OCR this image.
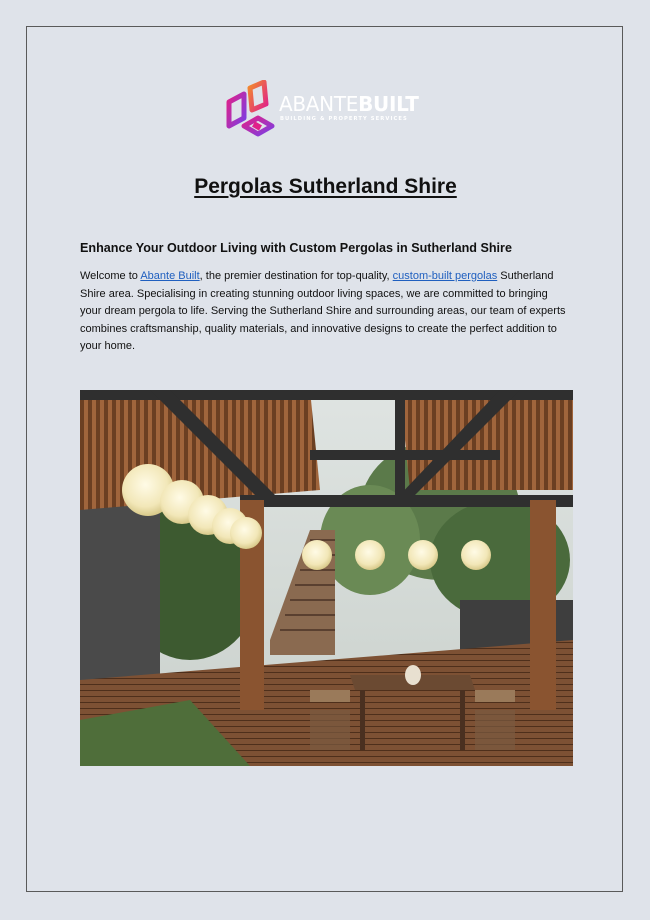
ABANTEBUILT
BUILDING & PROPERTY SERVICES
Pergolas Sutherland Shire
Enhance Your Outdoor Living with Custom Pergolas in Sutherland Shire

Welcome to Abante Built, the premier destination for top-quality, custom-built pergolas Sutherland Shire area. Specialising in creating stunning outdoor living spaces, we are committed to bringing your dream pergola to life. Serving the Sutherland Shire and surrounding areas, our team of experts combines craftsmanship, quality materials, and innovative designs to create the perfect addition to your home.
